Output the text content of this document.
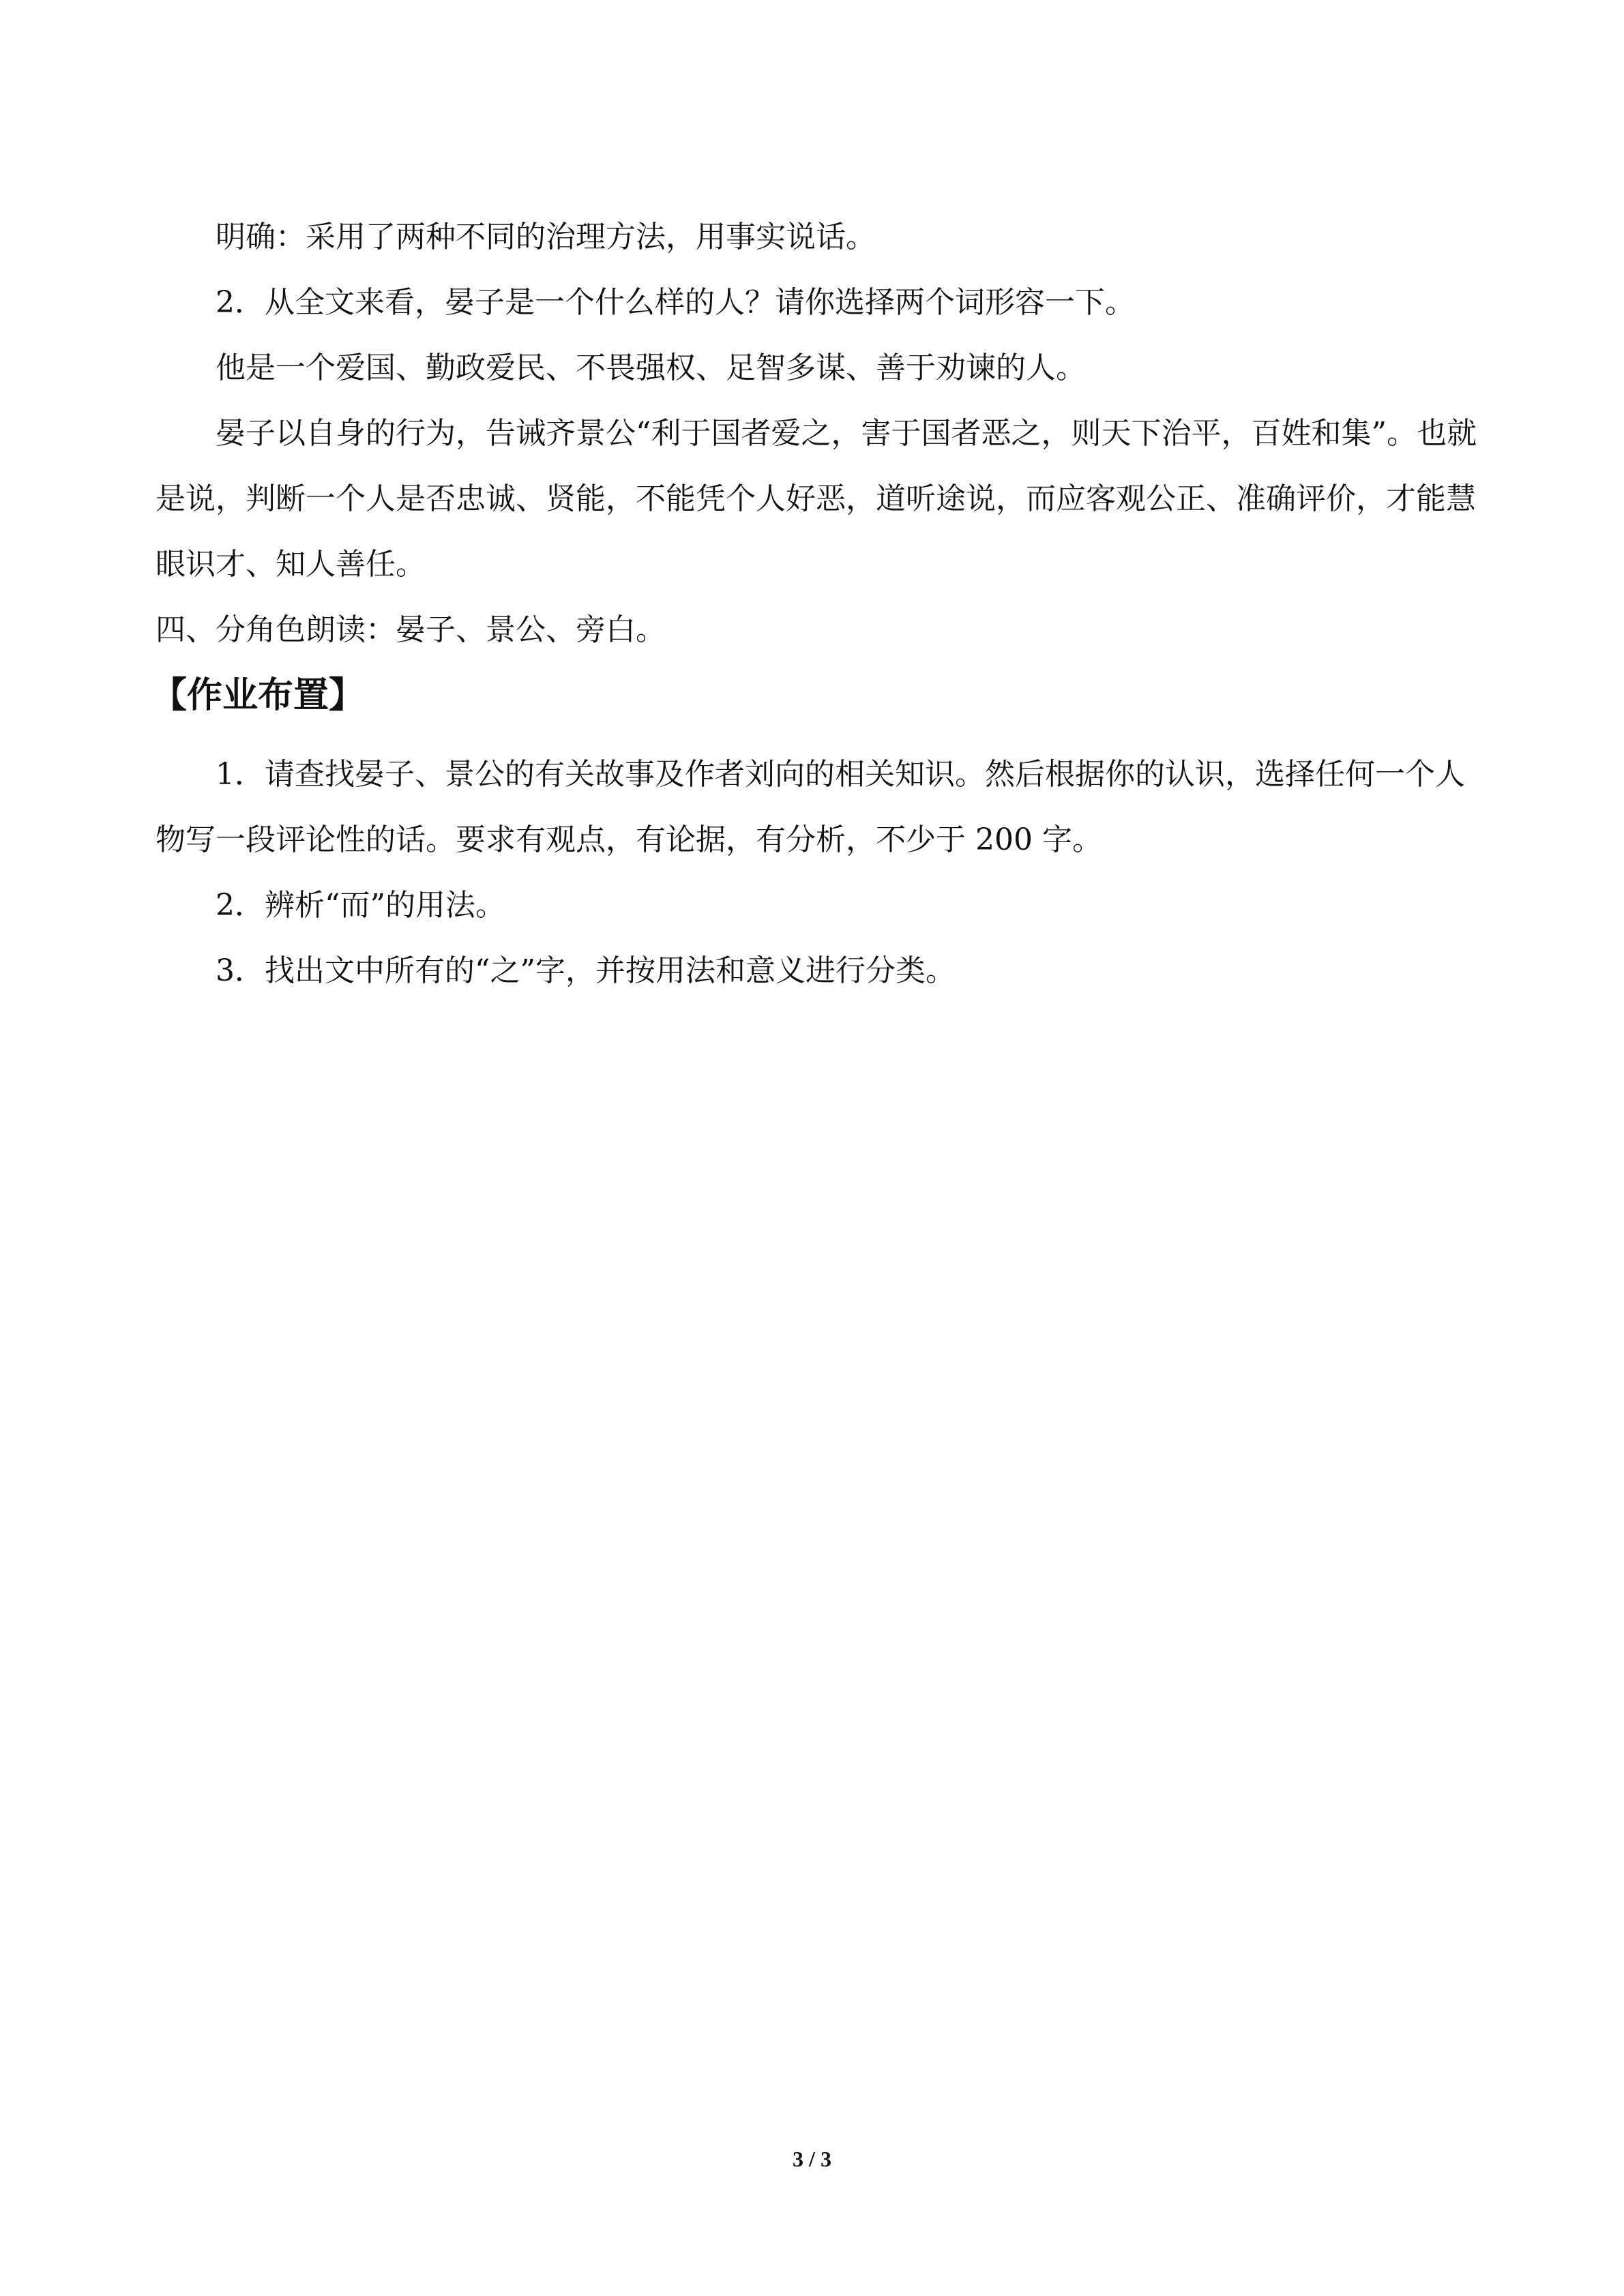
明确：采用了两种不同的治理方法，用事实说话。

2．从全文来看，晏子是一个什么样的人？请你选择两个词形容一下。

他是一个爱国、勤政爱民、不畏强权、足智多谋、善于劝谏的人。

晏子以自身的行为，告诫齐景公“利于国者爱之，害于国者恶之，则天下治平，百姓和集”。也就是说，判断一个人是否忠诚、贤能，不能凭个人好恶，道听途说，而应客观公正、准确评价，才能慧眼识才、知人善任。

四、分角色朗读：晏子、景公、旁白。

【作业布置】

1．请查找晏子、景公的有关故事及作者刘向的相关知识。然后根据你的认识，选择任何一个人物写一段评论性的话。要求有观点，有论据，有分析，不少于 200 字。

2．辨析“而”的用法。

3．找出文中所有的“之”字，并按用法和意义进行分类。

3 / 3
